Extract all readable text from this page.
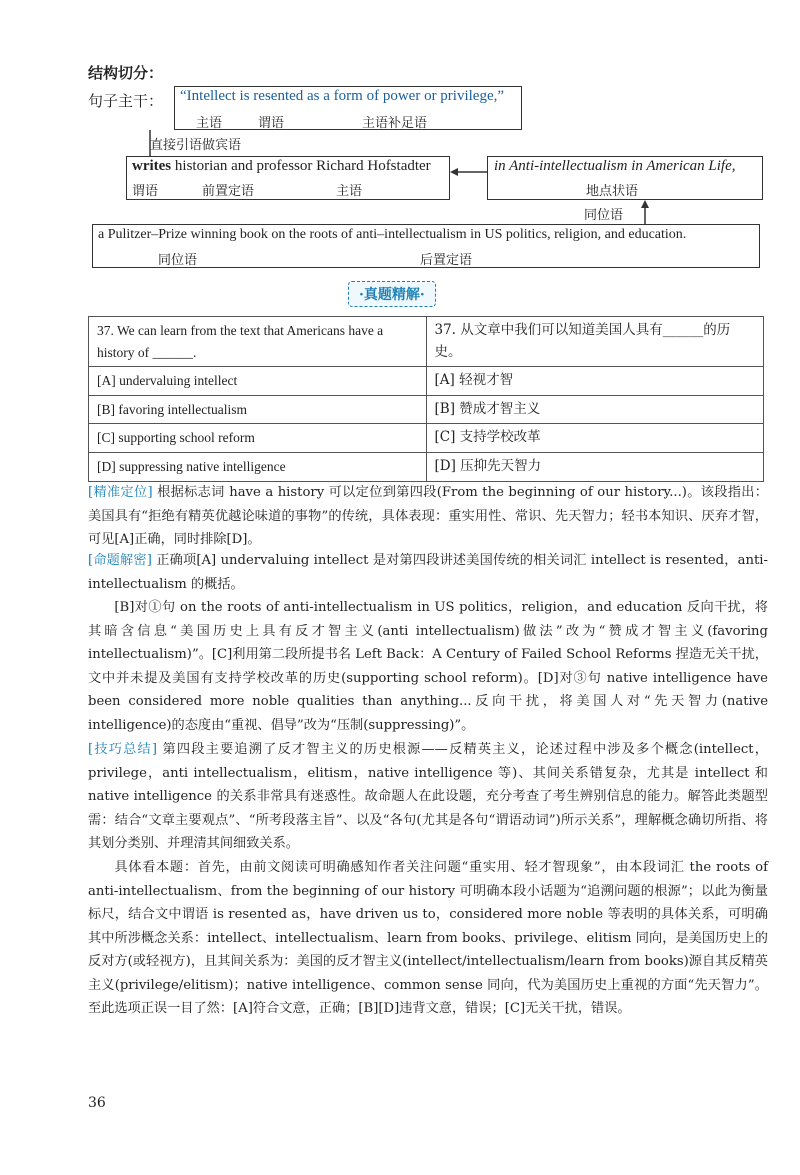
结构切分：
句子主干： “Intellect is resented as a form of power or privilege,”
主语	谓语	主语补足语
直接引语做宾语
writes historian and professor Richard Hofstadter
谓语	前置定语	主语
in Anti-intellectualism in American Life,
地点状语
同位语
a Pulitzer–Prize winning book on the roots of anti–intellectualism in US politics, religion, and education.
同位语	后置定语
·真题精解·
37. We can learn from the text that Americans have a history of ______.	37. 从文章中我们可以知道美国人具有______的历史。
[A] undervaluing intellect	[A] 轻视才智
[B] favoring intellectualism	[B] 赞成才智主义
[C] supporting school reform	[C] 支持学校改革
[D] suppressing native intelligence	[D] 压抑先天智力
[精准定位] 根据标志词 have a history 可以定位到第四段(From the beginning of our history...)。该段指出：美国具有“拒绝有精英优越论味道的事物”的传统，具体表现：重实用性、常识、先天智力；轻书本知识、厌弃才智，可见[A]正确，同时排除[D]。
[命题解密] 正确项[A] undervaluing intellect 是对第四段讲述美国传统的相关词汇 intellect is resented，anti-intellectualism 的概括。
[B]对①句 on the roots of anti-intellectualism in US politics，religion，and education 反向干扰，将其暗含信息“美国历史上具有反才智主义(anti intellectualism)做法”改为“赞成才智主义(favoring intellectualism)”。[C]利用第二段所提书名 Left Back：A Century of Failed School Reforms 捏造无关干扰，文中并未提及美国有支持学校改革的历史(supporting school reform)。[D]对③句 native intelligence have been considered more noble qualities than anything...反向干扰，将美国人对“先天智力(native intelligence)的态度由“重视、倡导”改为“压制(suppressing)”。
[技巧总结] 第四段主要追溯了反才智主义的历史根源——反精英主义，论述过程中涉及多个概念(intellect，privilege，anti intellectualism，elitism，native intelligence 等)、其间关系错复杂，尤其是 intellect 和 native intelligence 的关系非常具有迷惑性。故命题人在此设题，充分考查了考生辨别信息的能力。解答此类题型需：结合“文章主要观点”、“所考段落主旨”、以及“各句(尤其是各句“谓语动词”)所示关系”，理解概念确切所指、将其划分类别、并理清其间细致关系。
具体看本题：首先，由前文阅读可明确感知作者关注问题“重实用、轻才智现象”，由本段词汇 the roots of anti-intellectualism、from the beginning of our history 可明确本段小话题为“追溯问题的根源”；以此为衡量标尺，结合文中谓语 is resented as，have driven us to，considered more noble 等表明的具体关系，可明确其中所涉概念关系：intellect、intellectualism、learn from books、privilege、elitism 同向，是美国历史上的反对方(或轻视方)，且其间关系为：美国的反才智主义(intellect/intellectualism/learn from books)源自其反精英主义(privilege/elitism)；native intelligence、common sense 同向，代为美国历史上重视的方面“先天智力”。至此选项正误一目了然：[A]符合文意，正确；[B][D]违背文意，错误；[C]无关干扰，错误。
36
